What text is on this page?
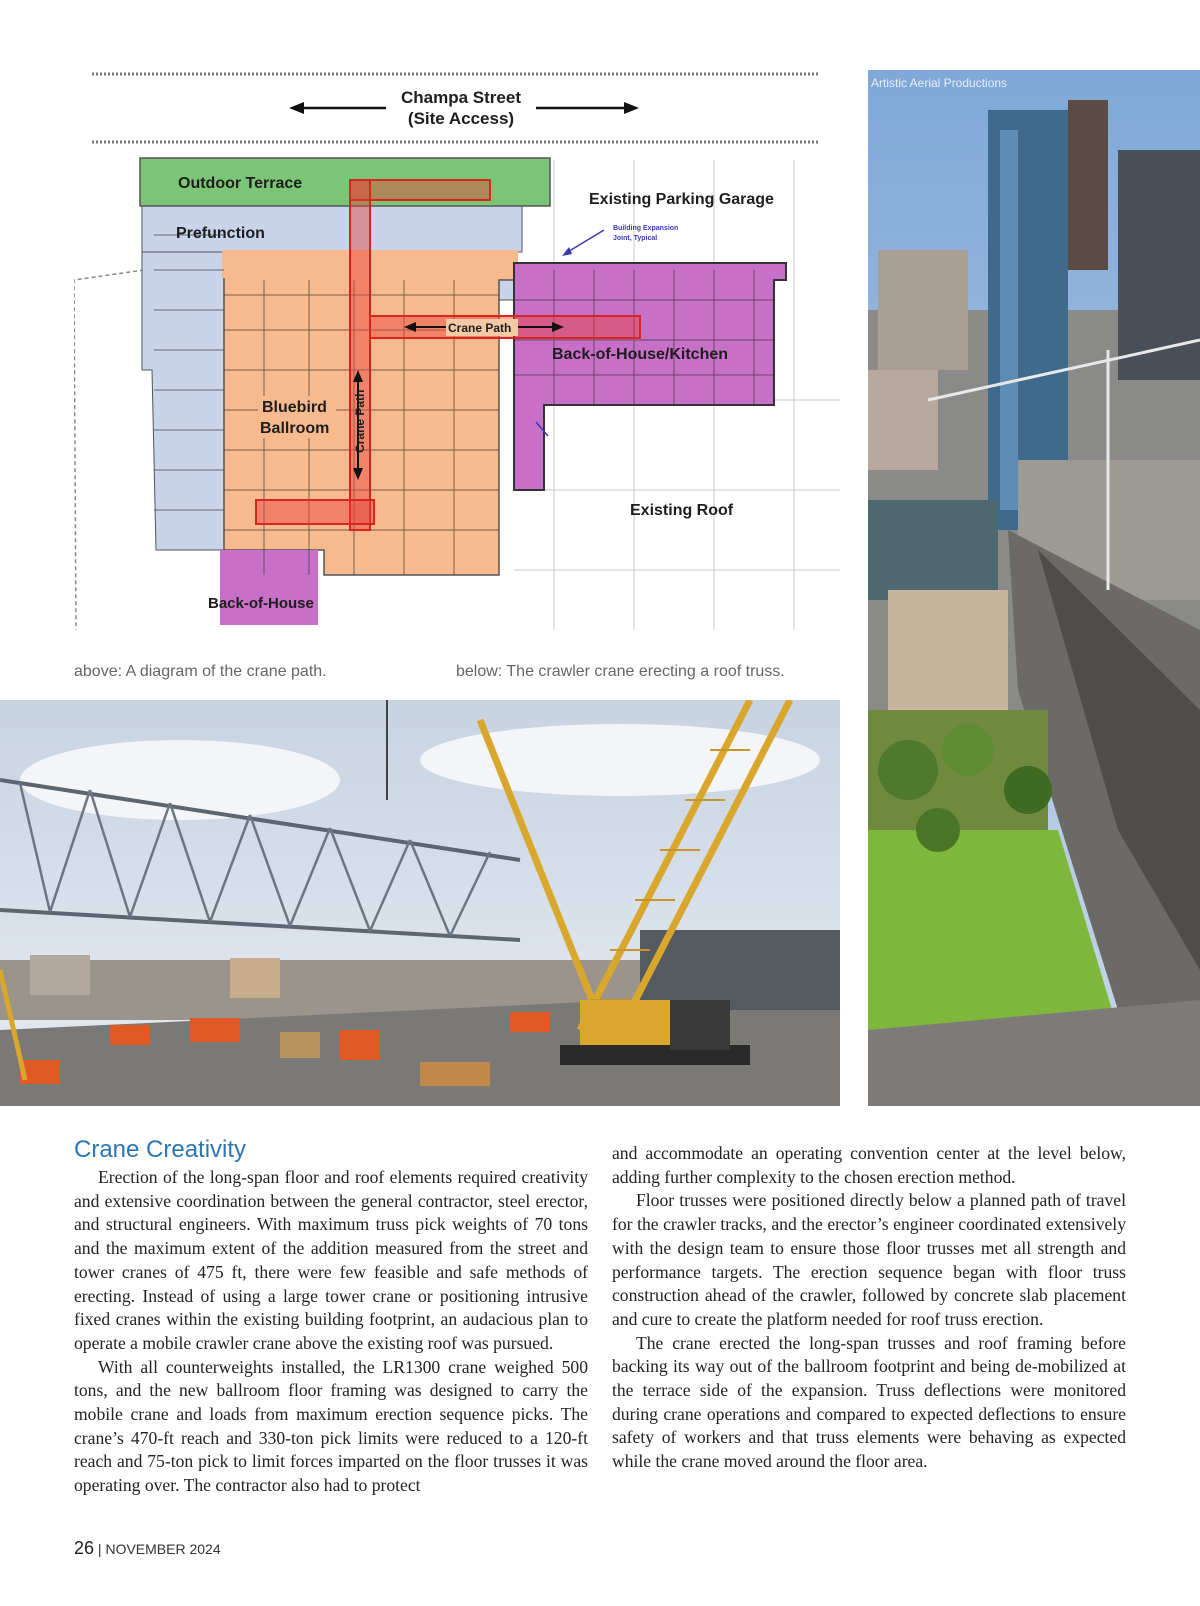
Champa Street
(Site Access)
Outdoor Terrace
Prefunction
Existing Parking Garage
Building Expansion
Joint, Typical
Crane Path
Back-of-House/Kitchen
Bluebird
Ballroom Crane Path
Existing Roof
Back-of-House
Artistic Aerial Productions
above: A diagram of the crane path.	below: The crawler crane erecting a roof truss.
Crane Creativity

Erection of the long-span floor and roof elements required creativity and extensive coordination between the general contractor, steel erector, and structural engineers. With maximum truss pick weights of 70 tons and the maximum extent of the addition measured from the street and tower cranes of 475 ft, there were few feasible and safe methods of erecting. Instead of using a large tower crane or positioning intrusive fixed cranes within the existing building footprint, an audacious plan to operate a mobile crawler crane above the existing roof was pursued.

With all counterweights installed, the LR1300 crane weighed 500 tons, and the new ballroom floor framing was designed to carry the mobile crane and loads from maximum erection sequence picks. The crane’s 470-ft reach and 330-ton pick limits were reduced to a 120-ft reach and 75-ton pick to limit forces imparted on the floor trusses it was operating over. The contractor also had to protect

and accommodate an operating convention center at the level below, adding further complexity to the chosen erection method.

Floor trusses were positioned directly below a planned path of travel for the crawler tracks, and the erector’s engineer coordinated extensively with the design team to ensure those floor trusses met all strength and performance targets. The erection sequence began with floor truss construction ahead of the crawler, followed by concrete slab placement and cure to create the platform needed for roof truss erection.

The crane erected the long-span trusses and roof framing before backing its way out of the ballroom footprint and being de-mobilized at the terrace side of the expansion. Truss deflections were monitored during crane operations and compared to expected deflections to ensure safety of workers and that truss elements were behaving as expected while the crane moved around the floor area.

26 | NOVEMBER 2024
